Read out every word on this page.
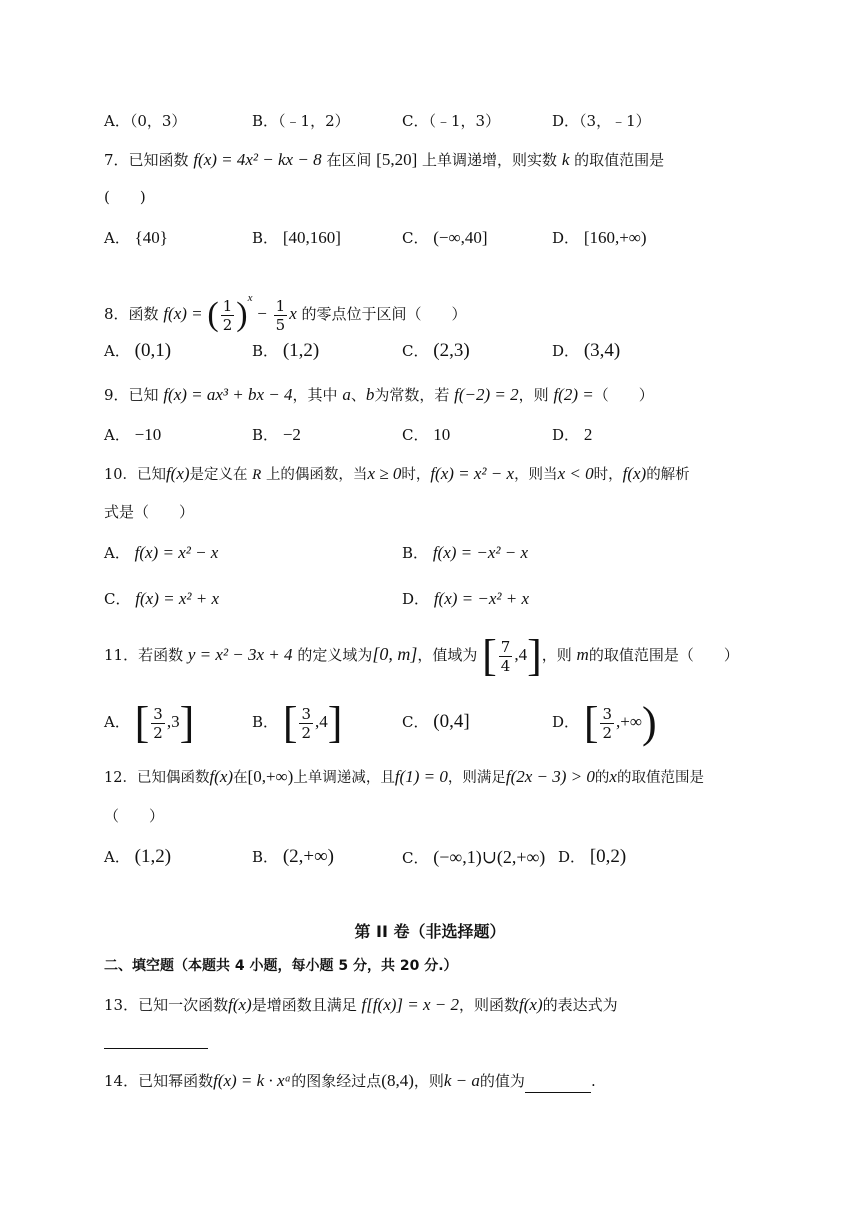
A．（0，3）	B．（﹣1，2）	C．（﹣1，3）	D．（3，﹣1）
7．已知函数 f(x) = 4x² − kx − 8 在区间 [5,20] 上单调递增，则实数 k 的取值范围是
(　　)
A． {40}	B． [40,160]	C． (−∞,40]	D． [160,+∞)
8．函数 f(x) = ( $\frac{1}{2} )^x - \frac{1}{5}$ x 的零点位于区间（　　）
A． (0,1)	B． (1,2)	C． (2,3)	D． (3,4)
9．已知 f(x) = ax³ + bx − 4，其中 a、b为常数，若 f(−2) = 2，则 f(2) =（　　）
A． −10	B． −2	C． 10	D． 2
10．已知f(x)是定义在 R 上的偶函数，当x ≥ 0时，f(x) = x² − x，则当x < 0时，f(x)的解析
式是（　　）
A． f(x) = x² − x	B． f(x) = −x² − x
C． f(x) = x² + x	D． f(x) = −x² + x
11．若函数 y = x² − 3x + 4 的定义域为[0, m]，值域为 [ $\frac{7}{4} ,4$]，则 m的取值范围是（　　）
A． [ $\frac{3}{2} ,3$]	B． [ $\frac{3}{2} ,4$]	C． (0,4]	D． [ $\frac{3}{2}$ ,+∞)
12．已知偶函数f(x)在[0,+∞)上单调递减，且f(1) = 0，则满足f(2x − 3) > 0的x的取值范围是
（　　）
A． (1,2)	B． (2,+∞)	C． (−∞,1)∪(2,+∞) D． [0,2)
第 II 卷（非选择题）
二、填空题（本题共 4 小题，每小题 5 分，共 20 分.）
13．已知一次函数f(x)是增函数且满足 f[f(x)] = x − 2，则函数f(x)的表达式为
14．已知幂函数f(x) = k · xᵃ的图象经过点(8,4)，则k − a的值为	.
